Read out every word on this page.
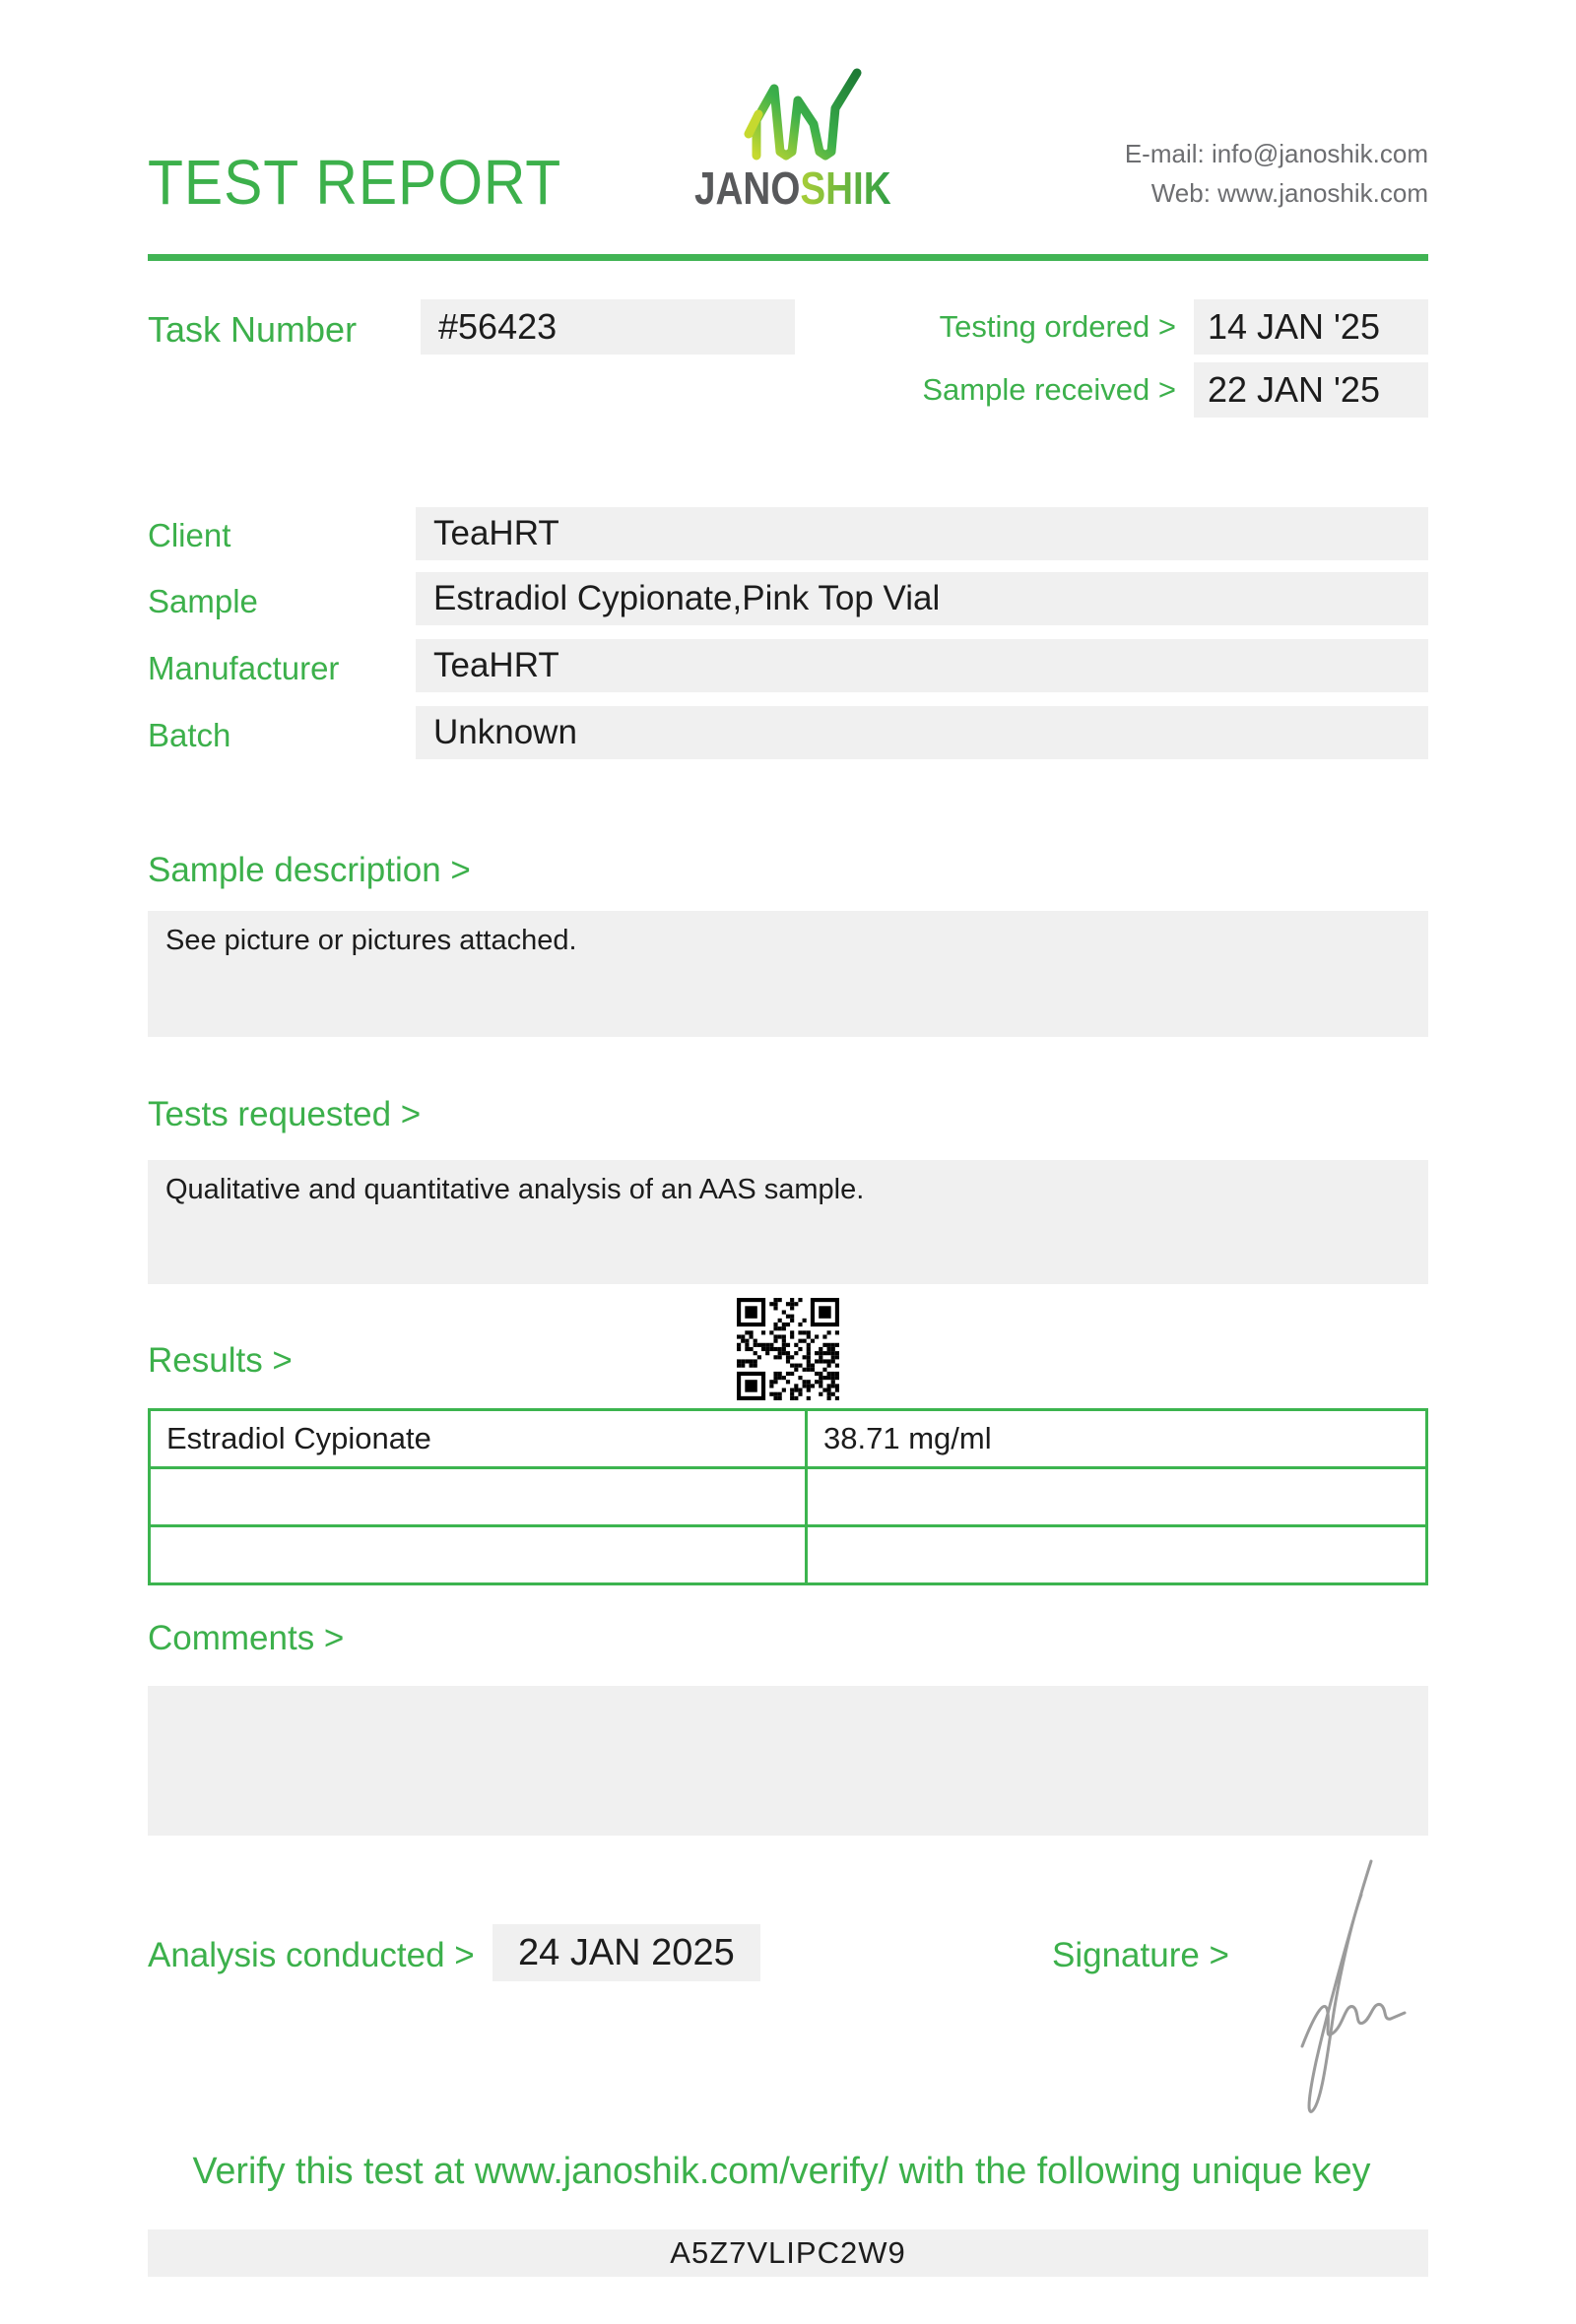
TEST REPORT	JANOSHIK
E-mail: info@janoshik.com
Web: www.janoshik.com
Task Number	#56423	Testing ordered > 14 JAN '25
Sample received > 22 JAN '25
Client	TeaHRT
Sample	Estradiol Cypionate,Pink Top Vial
Manufacturer	TeaHRT
Batch	Unknown
Sample description >
See picture or pictures attached.
Tests requested >
Qualitative and quantitative analysis of an AAS sample.
Results >
Estradiol Cypionate	38.71 mg/ml

Comments >
Analysis conducted >	24 JAN 2025	Signature >
Verify this test at www.janoshik.com/verify/ with the following unique key
A5Z7VLIPC2W9
